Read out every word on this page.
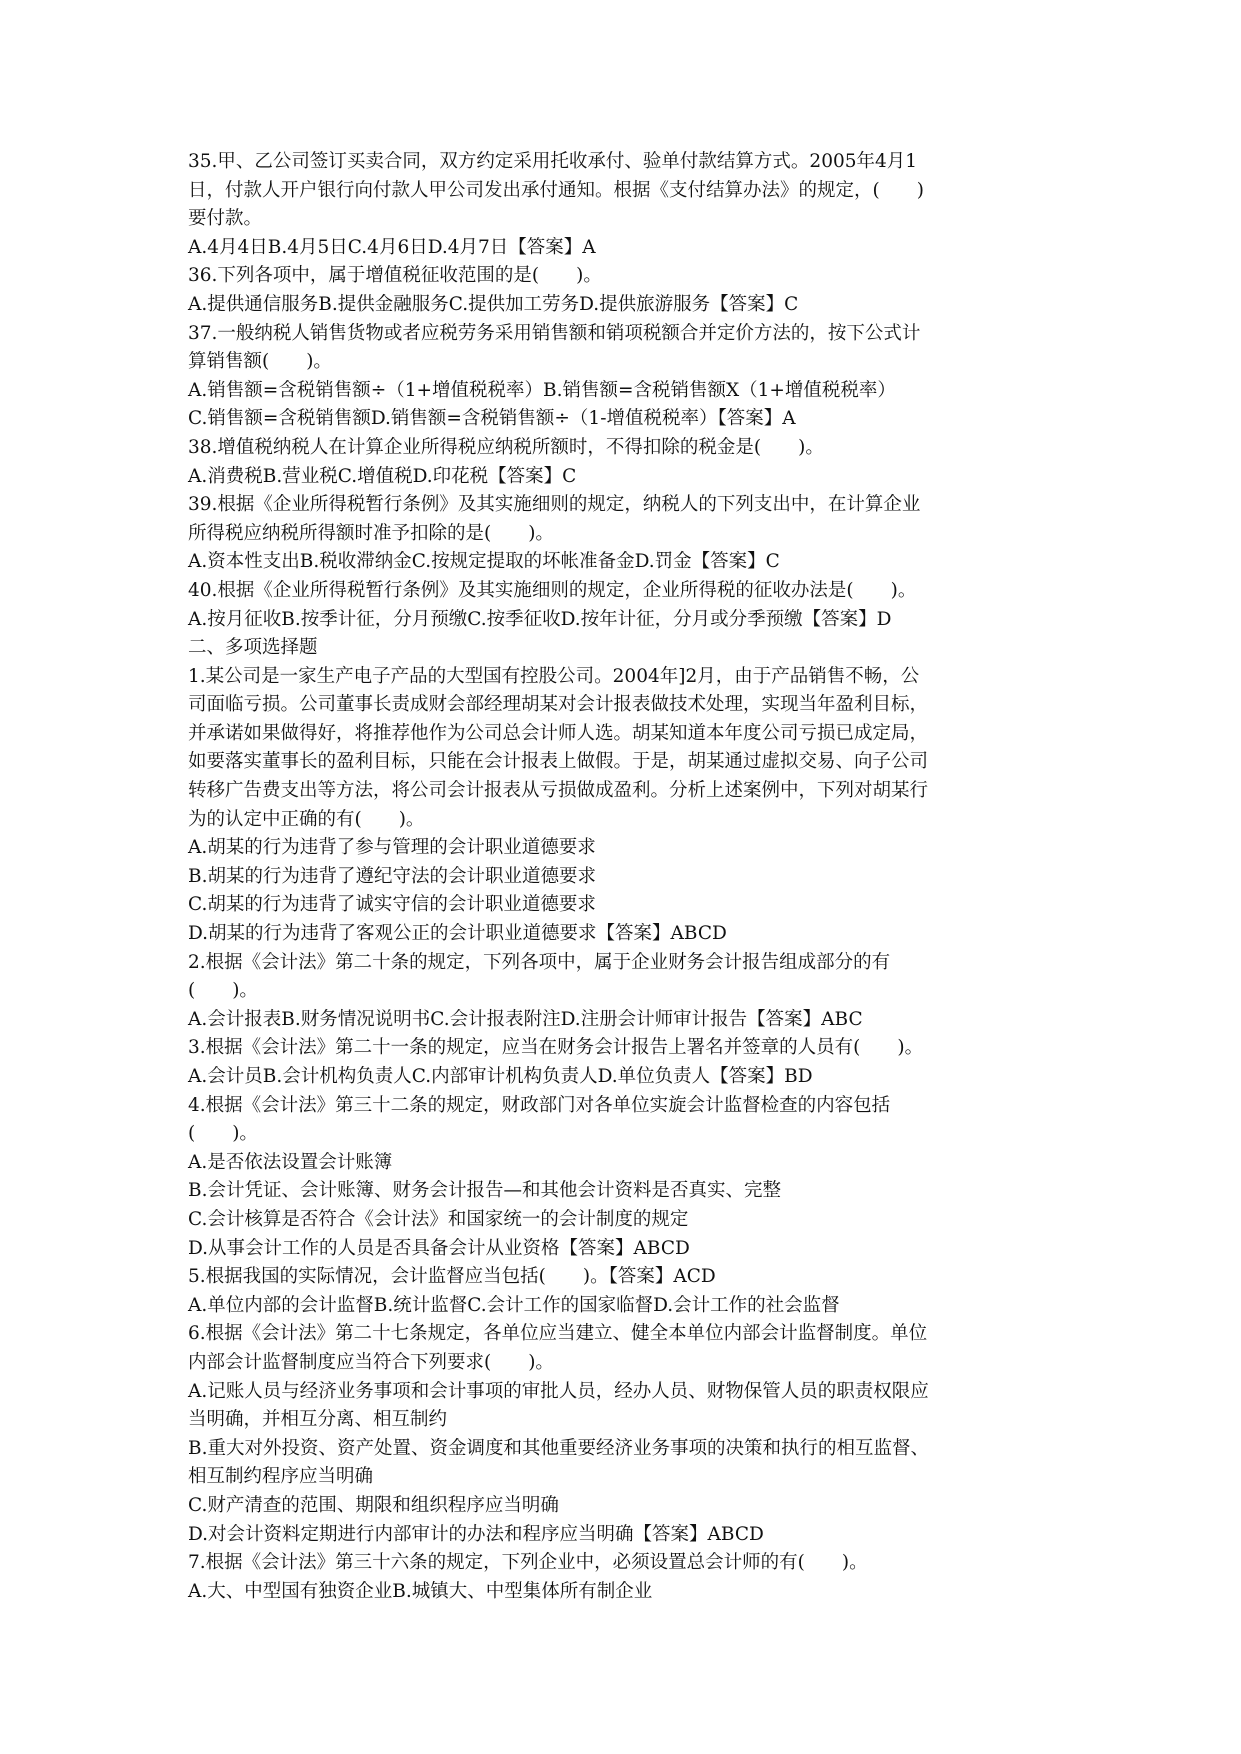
35.甲、乙公司签订买卖合同，双方约定采用托收承付、验单付款结算方式。2005年4月1
日，付款人开户银行向付款人甲公司发出承付通知。根据《支付结算办法》的规定，(　　)
要付款。
A.4月4日B.4月5日C.4月6日D.4月7日【答案】A
36.下列各项中，属于增值税征收范围的是(　　)。
A.提供通信服务B.提供金融服务C.提供加工劳务D.提供旅游服务【答案】C
37.一般纳税人销售货物或者应税劳务采用销售额和销项税额合并定价方法的，按下公式计
算销售额(　　)。
A.销售额=含税销售额÷（1+增值税税率）B.销售额=含税销售额X（1+增值税税率）
C.销售额=含税销售额D.销售额=含税销售额÷（1-增值税税率）【答案】A
38.增值税纳税人在计算企业所得税应纳税所额时，不得扣除的税金是(　　)。
A.消费税B.营业税C.增值税D.印花税【答案】C
39.根据《企业所得税暂行条例》及其实施细则的规定，纳税人的下列支出中，在计算企业
所得税应纳税所得额时准予扣除的是(　　)。
A.资本性支出B.税收滞纳金C.按规定提取的坏帐准备金D.罚金【答案】C
40.根据《企业所得税暂行条例》及其实施细则的规定，企业所得税的征收办法是(　　)。
A.按月征收B.按季计征，分月预缴C.按季征收D.按年计征，分月或分季预缴【答案】D
二、多项选择题
1.某公司是一家生产电子产品的大型国有控股公司。2004年]2月，由于产品销售不畅，公
司面临亏损。公司董事长责成财会部经理胡某对会计报表做技术处理，实现当年盈利目标，
并承诺如果做得好，将推荐他作为公司总会计师人选。胡某知道本年度公司亏损已成定局，
如要落实董事长的盈利目标，只能在会计报表上做假。于是，胡某通过虚拟交易、向子公司
转移广告费支出等方法，将公司会计报表从亏损做成盈利。分析上述案例中，下列对胡某行
为的认定中正确的有(　　)。
A.胡某的行为违背了参与管理的会计职业道德要求
B.胡某的行为违背了遵纪守法的会计职业道德要求
C.胡某的行为违背了诚实守信的会计职业道德要求
D.胡某的行为违背了客观公正的会计职业道德要求【答案】ABCD
2.根据《会计法》第二十条的规定，下列各项中，属于企业财务会计报告组成部分的有
(　　)。
A.会计报表B.财务情况说明书C.会计报表附注D.注册会计师审计报告【答案】ABC
3.根据《会计法》第二十一条的规定，应当在财务会计报告上署名并签章的人员有(　　)。
A.会计员B.会计机构负责人C.内部审计机构负责人D.单位负责人【答案】BD
4.根据《会计法》第三十二条的规定，财政部门对各单位实旋会计监督检查的内容包括
(　　)。
A.是否依法设置会计账簿
B.会计凭证、会计账簿、财务会计报告—和其他会计资料是否真实、完整
C.会计核算是否符合《会计法》和国家统一的会计制度的规定
D.从事会计工作的人员是否具备会计从业资格【答案】ABCD
5.根据我国的实际情况，会计监督应当包括(　　)。【答案】ACD
A.单位内部的会计监督B.统计监督C.会计工作的国家临督D.会计工作的社会监督
6.根据《会计法》第二十七条规定，各单位应当建立、健全本单位内部会计监督制度。单位
内部会计监督制度应当符合下列要求(　　)。
A.记账人员与经济业务事项和会计事项的审批人员，经办人员、财物保管人员的职责权限应
当明确，并相互分离、相互制约
B.重大对外投资、资产处置、资金调度和其他重要经济业务事项的决策和执行的相互监督、
相互制约程序应当明确
C.财产清查的范围、期限和组织程序应当明确
D.对会计资料定期进行内部审计的办法和程序应当明确【答案】ABCD
7.根据《会计法》第三十六条的规定，下列企业中，必须设置总会计师的有(　　)。
A.大、中型国有独资企业B.城镇大、中型集体所有制企业
